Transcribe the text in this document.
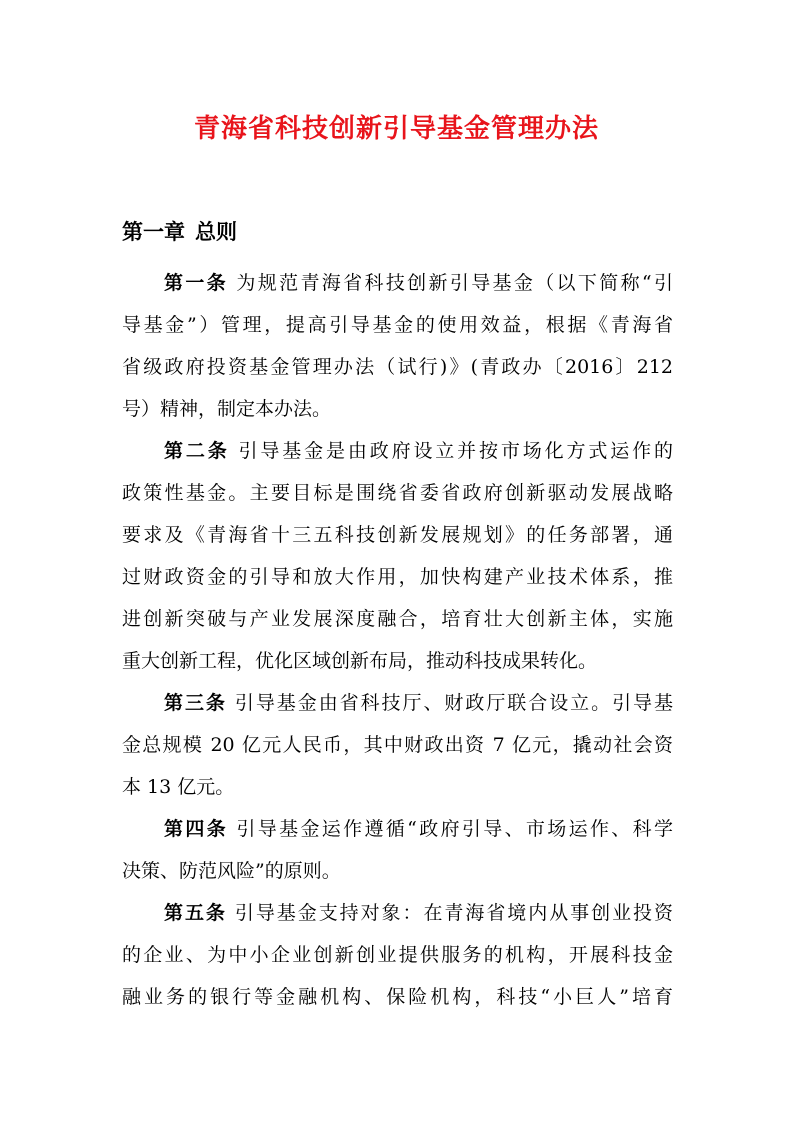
青海省科技创新引导基金管理办法
第一章 总则
第一条 为规范青海省科技创新引导基金（以下简称“引
导基金”）管理，提高引导基金的使用效益，根据《青海省
省级政府投资基金管理办法（试行)》(青政办〔2016〕212
号）精神，制定本办法。
第二条 引导基金是由政府设立并按市场化方式运作的
政策性基金。主要目标是围绕省委省政府创新驱动发展战略
要求及《青海省十三五科技创新发展规划》的任务部署，通
过财政资金的引导和放大作用，加快构建产业技术体系，推
进创新突破与产业发展深度融合，培育壮大创新主体，实施
重大创新工程，优化区域创新布局，推动科技成果转化。
第三条 引导基金由省科技厅、财政厅联合设立。引导基
金总规模 20 亿元人民币，其中财政出资 7 亿元，撬动社会资
本 13 亿元。
第四条 引导基金运作遵循“政府引导、市场运作、科学
决策、防范风险”的原则。
第五条 引导基金支持对象：在青海省境内从事创业投资
的企业、为中小企业创新创业提供服务的机构，开展科技金
融业务的银行等金融机构、保险机构，科技“小巨人”培育
